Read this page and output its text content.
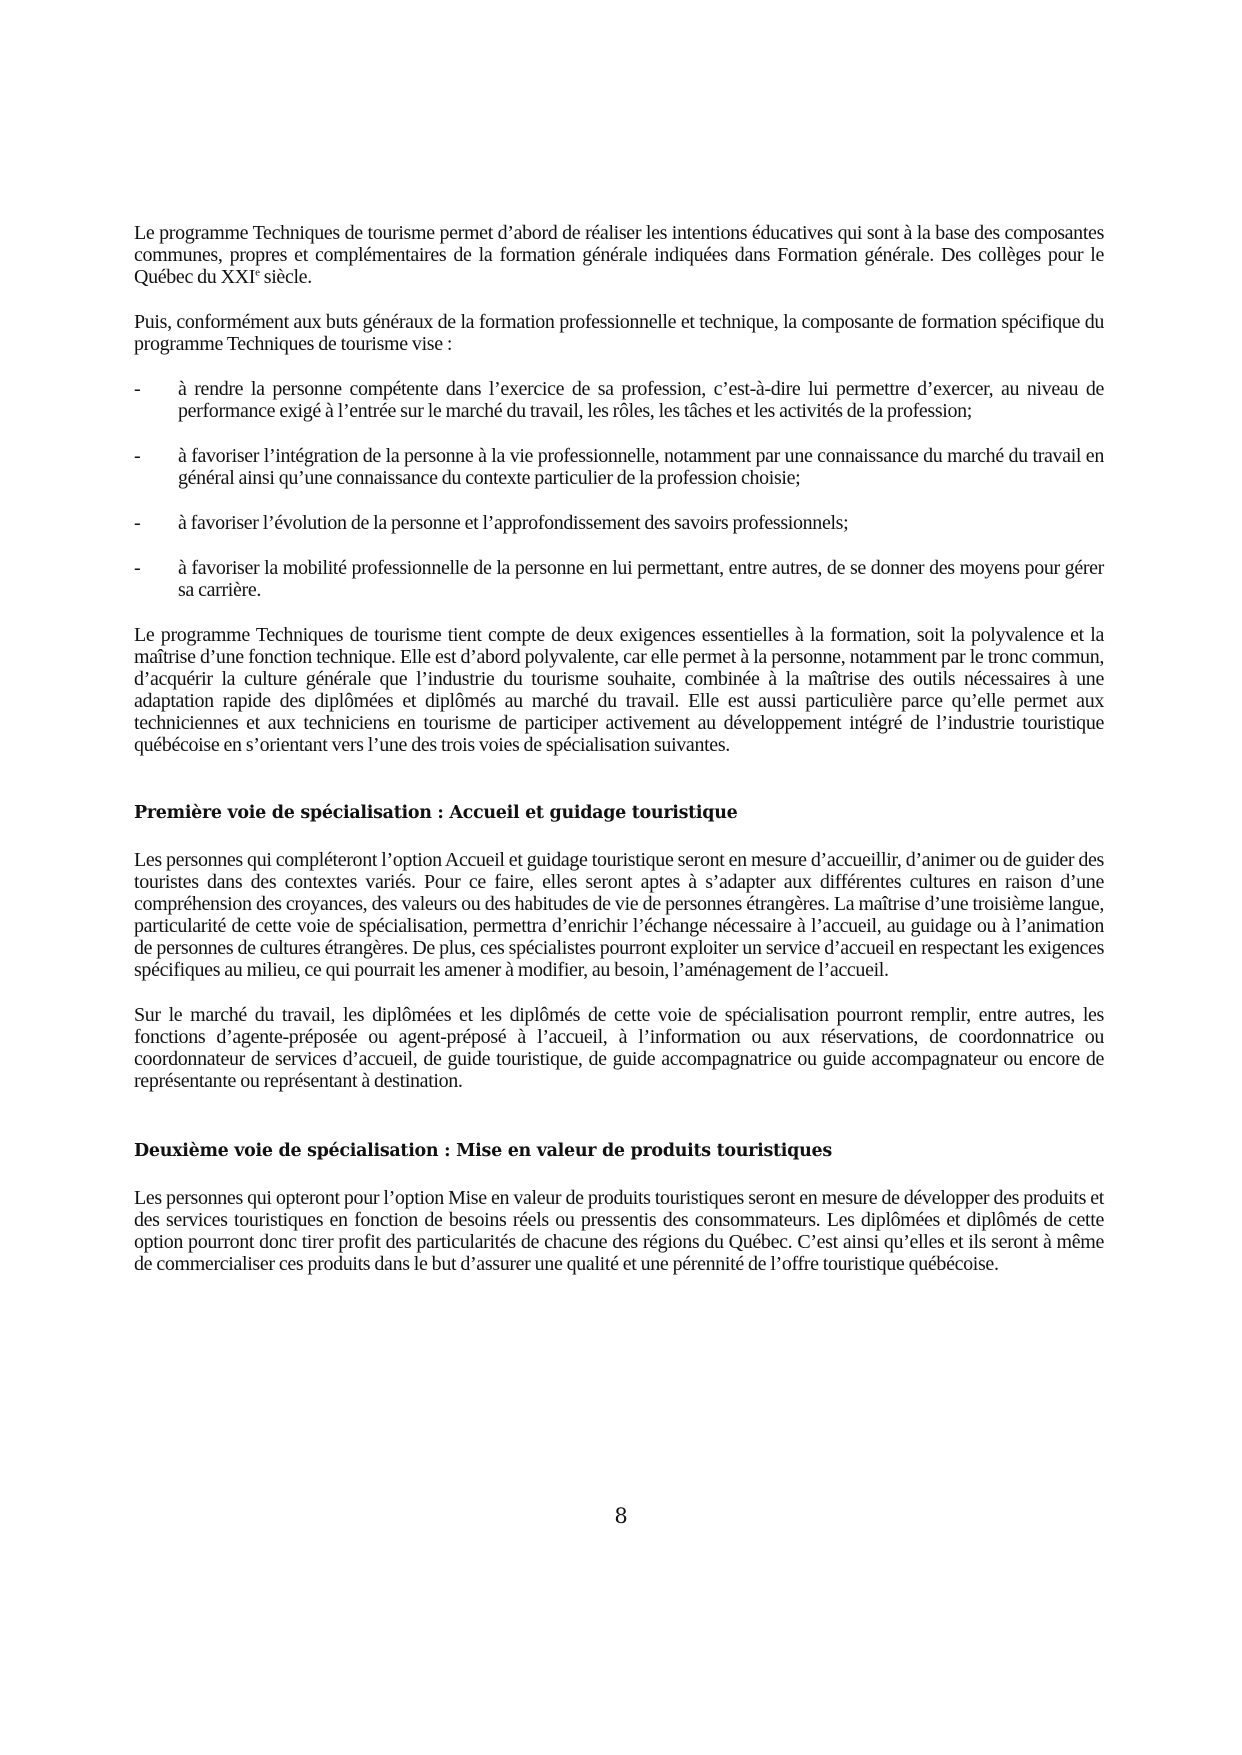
Le programme Techniques de tourisme permet d’abord de réaliser les intentions éducatives qui sont à la base des composantes communes, propres et complémentaires de la formation générale indiquées dans Formation générale. Des collèges pour le Québec du XXIe siècle.

Puis, conformément aux buts généraux de la formation professionnelle et technique, la composante de formation spécifique du programme Techniques de tourisme vise :

- à rendre la personne compétente dans l’exercice de sa profession, c’est-à-dire lui permettre d’exercer, au niveau de performance exigé à l’entrée sur le marché du travail, les rôles, les tâches et les activités de la profession;
- à favoriser l’intégration de la personne à la vie professionnelle, notamment par une connaissance du marché du travail en général ainsi qu’une connaissance du contexte particulier de la profession choisie;
- à favoriser l’évolution de la personne et l’approfondissement des savoirs professionnels;
- à favoriser la mobilité professionnelle de la personne en lui permettant, entre autres, de se donner des moyens pour gérer sa carrière.

Le programme Techniques de tourisme tient compte de deux exigences essentielles à la formation, soit la polyvalence et la maîtrise d’une fonction technique. Elle est d’abord polyvalente, car elle permet à la personne, notamment par le tronc commun, d’acquérir la culture générale que l’industrie du tourisme souhaite, combinée à la maîtrise des outils nécessaires à une adaptation rapide des diplômées et diplômés au marché du travail. Elle est aussi particulière parce qu’elle permet aux techniciennes et aux techniciens en tourisme de participer activement au développement intégré de l’industrie touristique québécoise en s’orientant vers l’une des trois voies de spécialisation suivantes.

Première voie de spécialisation : Accueil et guidage touristique

Les personnes qui compléteront l’option Accueil et guidage touristique seront en mesure d’accueillir, d’animer ou de guider des touristes dans des contextes variés. Pour ce faire, elles seront aptes à s’adapter aux différentes cultures en raison d’une compréhension des croyances, des valeurs ou des habitudes de vie de personnes étrangères. La maîtrise d’une troisième langue, particularité de cette voie de spécialisation, permettra d’enrichir l’échange nécessaire à l’accueil, au guidage ou à l’animation de personnes de cultures étrangères. De plus, ces spécialistes pourront exploiter un service d’accueil en respectant les exigences spécifiques au milieu, ce qui pourrait les amener à modifier, au besoin, l’aménagement de l’accueil.

Sur le marché du travail, les diplômées et les diplômés de cette voie de spécialisation pourront remplir, entre autres, les fonctions d’agente-préposée ou agent-préposé à l’accueil, à l’information ou aux réservations, de coordonnatrice ou coordonnateur de services d’accueil, de guide touristique, de guide accompagnatrice ou guide accompagnateur ou encore de représentante ou représentant à destination.

Deuxième voie de spécialisation : Mise en valeur de produits touristiques

Les personnes qui opteront pour l’option Mise en valeur de produits touristiques seront en mesure de développer des produits et des services touristiques en fonction de besoins réels ou pressentis des consommateurs. Les diplômées et diplômés de cette option pourront donc tirer profit des particularités de chacune des régions du Québec. C’est ainsi qu’elles et ils seront à même de commercialiser ces produits dans le but d’assurer une qualité et une pérennité de l’offre touristique québécoise.

8
